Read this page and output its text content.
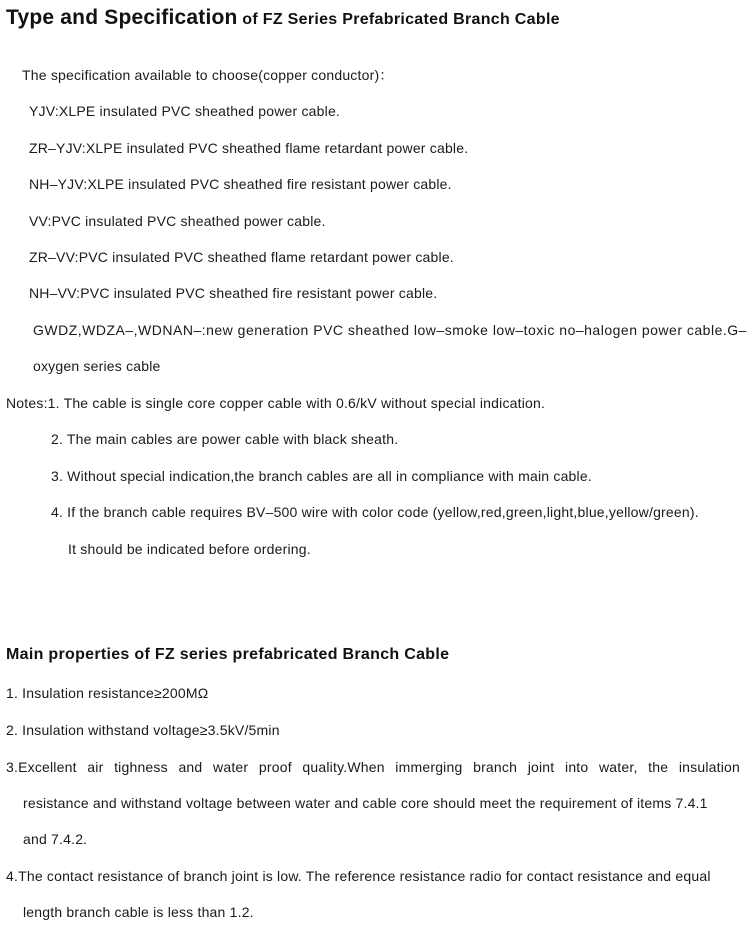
Type and Specification of FZ Series Prefabricated Branch Cable
The specification available to choose(copper conductor)：
YJV:XLPE insulated PVC sheathed power cable.
ZR–YJV:XLPE insulated PVC sheathed flame retardant power cable.
NH–YJV:XLPE insulated PVC sheathed fire resistant power cable.
VV:PVC insulated PVC sheathed power cable.
ZR–VV:PVC insulated PVC sheathed flame retardant power cable.
NH–VV:PVC insulated PVC sheathed fire resistant power cable.
GWDZ,WDZA–,WDNAN–:new generation PVC sheathed low–smoke low–toxic no–halogen power cable.G–
oxygen series cable
Notes:1. The cable is single core copper cable with 0.6/kV without special indication.
2. The main cables are power cable with black sheath.
3. Without special indication,the branch cables are all in compliance with main cable.
4. If the branch cable requires BV–500 wire with color code (yellow,red,green,light,blue,yellow/green).
It should be indicated before ordering.
Main properties of FZ series prefabricated Branch Cable
1. Insulation resistance≥200MΩ
2. Insulation withstand voltage≥3.5kV/5min
3.Excellent air tighness and water proof quality.When immerging branch joint into water, the insulation
resistance and withstand voltage between water and cable core should meet the requirement of items 7.4.1
and 7.4.2.
4.The contact resistance of branch joint is low. The reference resistance radio for contact resistance and equal
length branch cable is less than 1.2.
